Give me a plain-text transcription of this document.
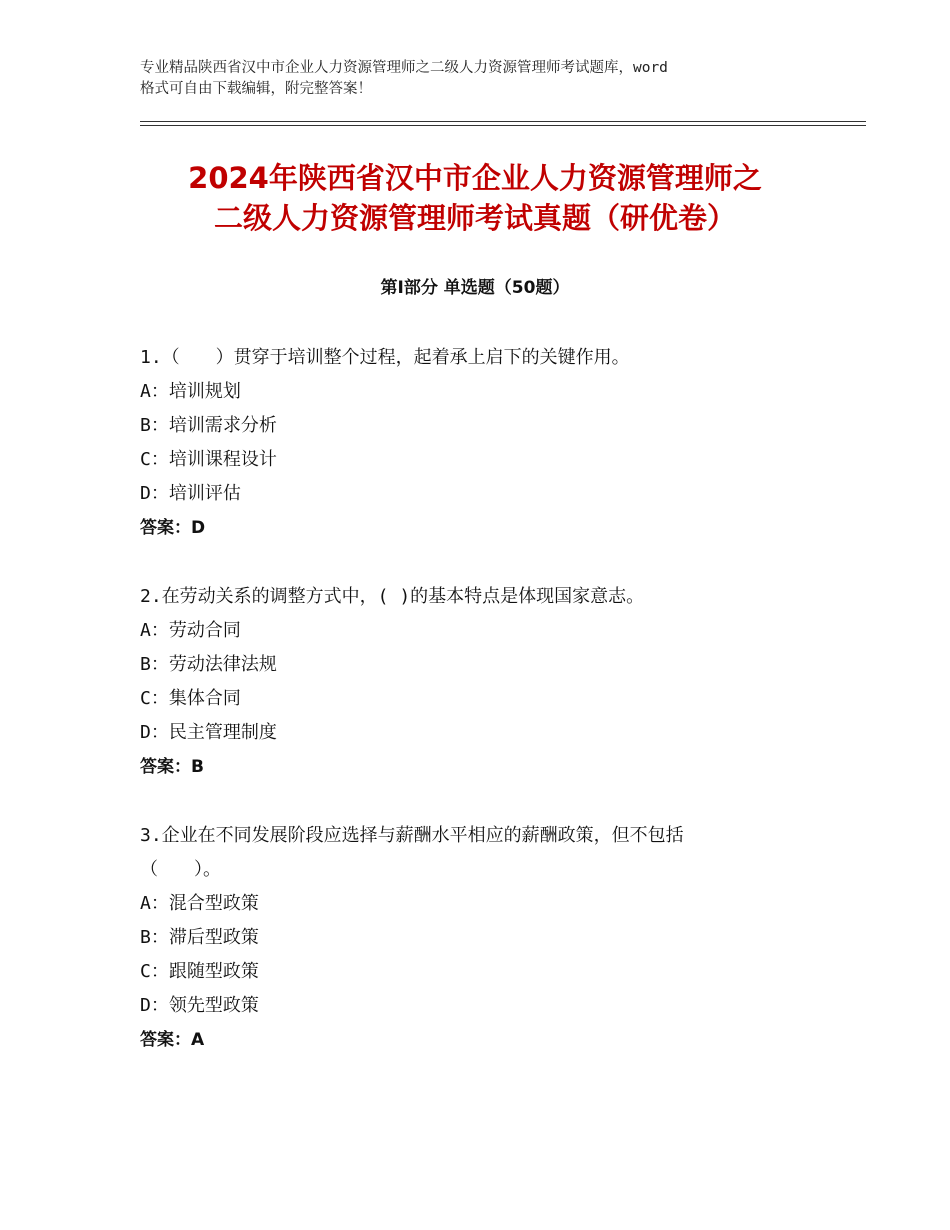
专业精品陕西省汉中市企业人力资源管理师之二级人力资源管理师考试题库，word
格式可自由下载编辑，附完整答案！
2024年陕西省汉中市企业人力资源管理师之
二级人力资源管理师考试真题（研优卷）
第Ⅰ部分 单选题（50题）
1.（　　）贯穿于培训整个过程，起着承上启下的关键作用。
A：培训规划
B：培训需求分析
C：培训课程设计
D：培训评估
答案：D
2.在劳动关系的调整方式中，( )的基本特点是体现国家意志。
A：劳动合同
B：劳动法律法规
C：集体合同
D：民主管理制度
答案：B
3.企业在不同发展阶段应选择与薪酬水平相应的薪酬政策，但不包括
（　　）。
A：混合型政策
B：滞后型政策
C：跟随型政策
D：领先型政策
答案：A
